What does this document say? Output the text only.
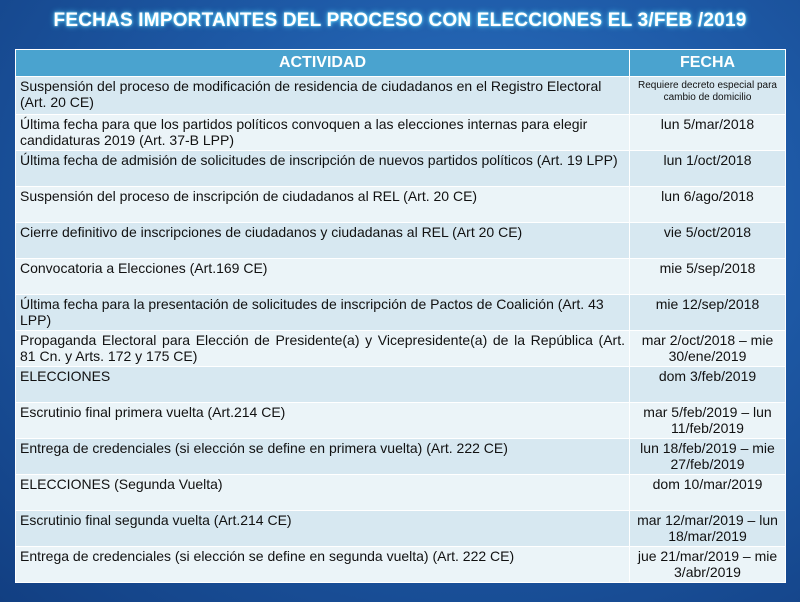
FECHAS IMPORTANTES DEL PROCESO CON ELECCIONES EL 3/FEB /2019
ACTIVIDAD	FECHA
Suspensión del proceso de modificación de residencia de ciudadanos en el Registro Electoral (Art. 20 CE)	Requiere decreto especial para cambio de domicilio
Última fecha para que los partidos políticos convoquen a las elecciones internas para elegir candidaturas 2019 (Art. 37-B LPP)	lun 5/mar/2018
Última fecha de admisión de solicitudes de inscripción de nuevos partidos políticos (Art. 19 LPP)	lun 1/oct/2018
Suspensión del proceso de inscripción de ciudadanos al REL (Art. 20 CE)	lun 6/ago/2018
Cierre definitivo de inscripciones de ciudadanos y ciudadanas al REL (Art 20 CE)	vie 5/oct/2018
Convocatoria a Elecciones (Art.169 CE)	mie 5/sep/2018
Última fecha para la presentación de solicitudes de inscripción de Pactos de Coalición (Art. 43 LPP)	mie 12/sep/2018
Propaganda Electoral para Elección de Presidente(a) y Vicepresidente(a) de la República (Art. 81 Cn. y Arts. 172 y 175 CE)	mar 2/oct/2018 – mie 30/ene/2019
ELECCIONES	dom 3/feb/2019
Escrutinio final primera vuelta (Art.214 CE)	mar 5/feb/2019 – lun 11/feb/2019
Entrega de credenciales (si elección se define en primera vuelta) (Art. 222 CE)	lun 18/feb/2019 – mie 27/feb/2019
ELECCIONES (Segunda Vuelta)	dom 10/mar/2019
Escrutinio final segunda vuelta (Art.214 CE)	mar 12/mar/2019 – lun 18/mar/2019
Entrega de credenciales (si elección se define en segunda vuelta) (Art. 222 CE)	jue 21/mar/2019 – mie 3/abr/2019
